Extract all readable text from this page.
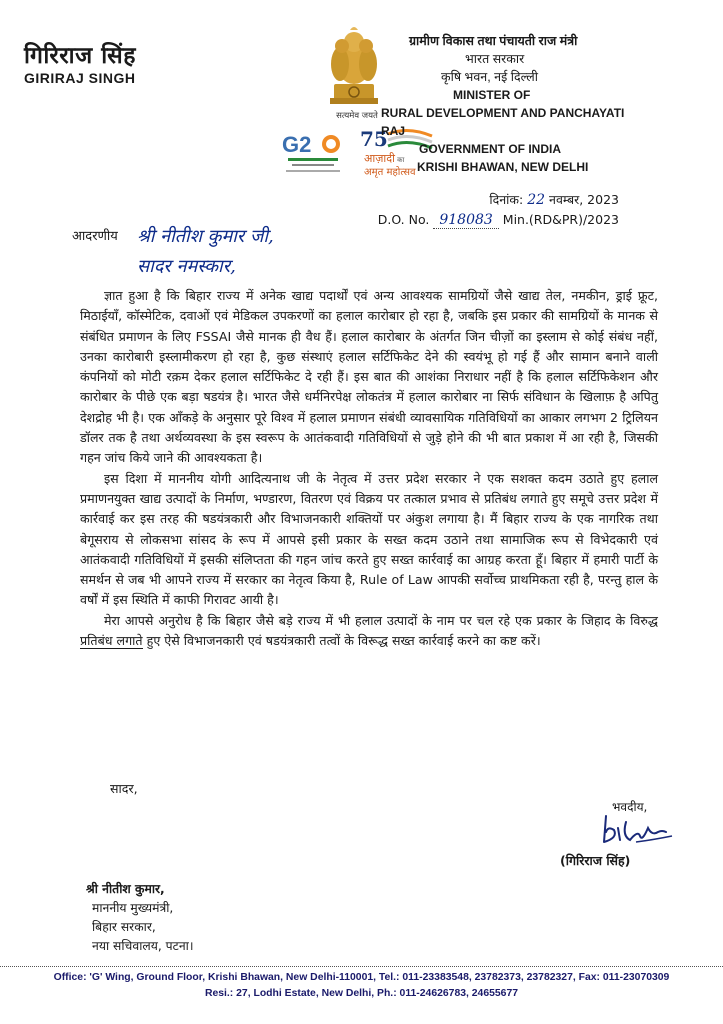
गिरिराज सिंह
GIRIRAJ SINGH
सत्यमेव जयते
G2 75
आज़ादी का
अमृत महोत्सव
ग्रामीण विकास तथा पंचायती राज मंत्री
भारत सरकार
कृषि भवन, नई दिल्ली
MINISTER OF
RURAL DEVELOPMENT AND PANCHAYATI RAJ
GOVERNMENT OF INDIA
KRISHI BHAWAN, NEW DELHI
दिनांक: 22 नवम्बर, 2023
D.O. No. 918083 Min.(RD&PR)/2023
आदरणीय श्री नीतीश कुमार जी,
सादर नमस्कार,

ज्ञात हुआ है कि बिहार राज्य में अनेक खाद्य पदार्थों एवं अन्य आवश्यक सामग्रियों जैसे खाद्य तेल, नमकीन, ड्राई फ्रूट, मिठाईयाँ, कॉस्मेटिक, दवाओं एवं मेडिकल उपकरणों का हलाल कारोबार हो रहा है, जबकि इस प्रकार की सामग्रियों के मानक से संबंधित प्रमाणन के लिए FSSAI जैसे मानक ही वैध हैं। हलाल कारोबार के अंतर्गत जिन चीज़ों का इस्लाम से कोई संबंध नहीं, उनका कारोबारी इस्लामीकरण हो रहा है, कुछ संस्थाएं हलाल सर्टिफिकेट देने की स्वयंभू हो गई हैं और सामान बनाने वाली कंपनियों को मोटी रक़म देकर हलाल सर्टिफिकेट दे रही हैं। इस बात की आशंका निराधार नहीं है कि हलाल सर्टिफिकेशन और कारोबार के पीछे एक बड़ा षडयंत्र है। भारत जैसे धर्मनिरपेक्ष लोकतंत्र में हलाल कारोबार ना सिर्फ संविधान के खिलाफ़ है अपितु देशद्रोह भी है। एक आँकड़े के अनुसार पूरे विश्व में हलाल प्रमाणन संबंधी व्यावसायिक गतिविधियों का आकार लगभग 2 ट्रिलियन डॉलर तक है तथा अर्थव्यवस्था के इस स्वरूप के आतंकवादी गतिविधियों से जुड़े होने की भी बात प्रकाश में आ रही है, जिसकी गहन जांच किये जाने की आवश्यकता है।

इस दिशा में माननीय योगी आदित्यनाथ जी के नेतृत्व में उत्तर प्रदेश सरकार ने एक सशक्त कदम उठाते हुए हलाल प्रमाणनयुक्त खाद्य उत्पादों के निर्माण, भण्डारण, वितरण एवं विक्रय पर तत्काल प्रभाव से प्रतिबंध लगाते हुए समूचे उत्तर प्रदेश में कार्रवाई कर इस तरह की षडयंत्रकारी और विभाजनकारी शक्तियों पर अंकुश लगाया है। मैं बिहार राज्य के एक नागरिक तथा बेगूसराय से लोकसभा सांसद के रूप में आपसे इसी प्रकार के सख्त कदम उठाने तथा सामाजिक रूप से विभेदकारी एवं आतंकवादी गतिविधियों में इसकी संलिप्तता की गहन जांच करते हुए सख्त कार्रवाई का आग्रह करता हूँ। बिहार में हमारी पार्टी के समर्थन से जब भी आपने राज्य में सरकार का नेतृत्व किया है, Rule of Law आपकी सर्वोच्च प्राथमिकता रही है, परन्तु हाल के वर्षों में इस स्थिति में काफी गिरावट आयी है।

मेरा आपसे अनुरोध है कि बिहार जैसे बड़े राज्य में भी हलाल उत्पादों के नाम पर चल रहे एक प्रकार के जिहाद के विरुद्ध प्रतिबंध लगाते हुए ऐसे विभाजनकारी एवं षडयंत्रकारी तत्वों के विरूद्ध सख्त कार्रवाई करने का कष्ट करें।

सादर,
भवदीय,
(गिरिराज सिंह)
श्री नीतीश कुमार,
माननीय मुख्यमंत्री,
बिहार सरकार,
नया सचिवालय, पटना।
Office: 'G' Wing, Ground Floor, Krishi Bhawan, New Delhi-110001, Tel.: 011-23383548, 23782373, 23782327, Fax: 011-23070309
Resi.: 27, Lodhi Estate, New Delhi, Ph.: 011-24626783, 24655677
